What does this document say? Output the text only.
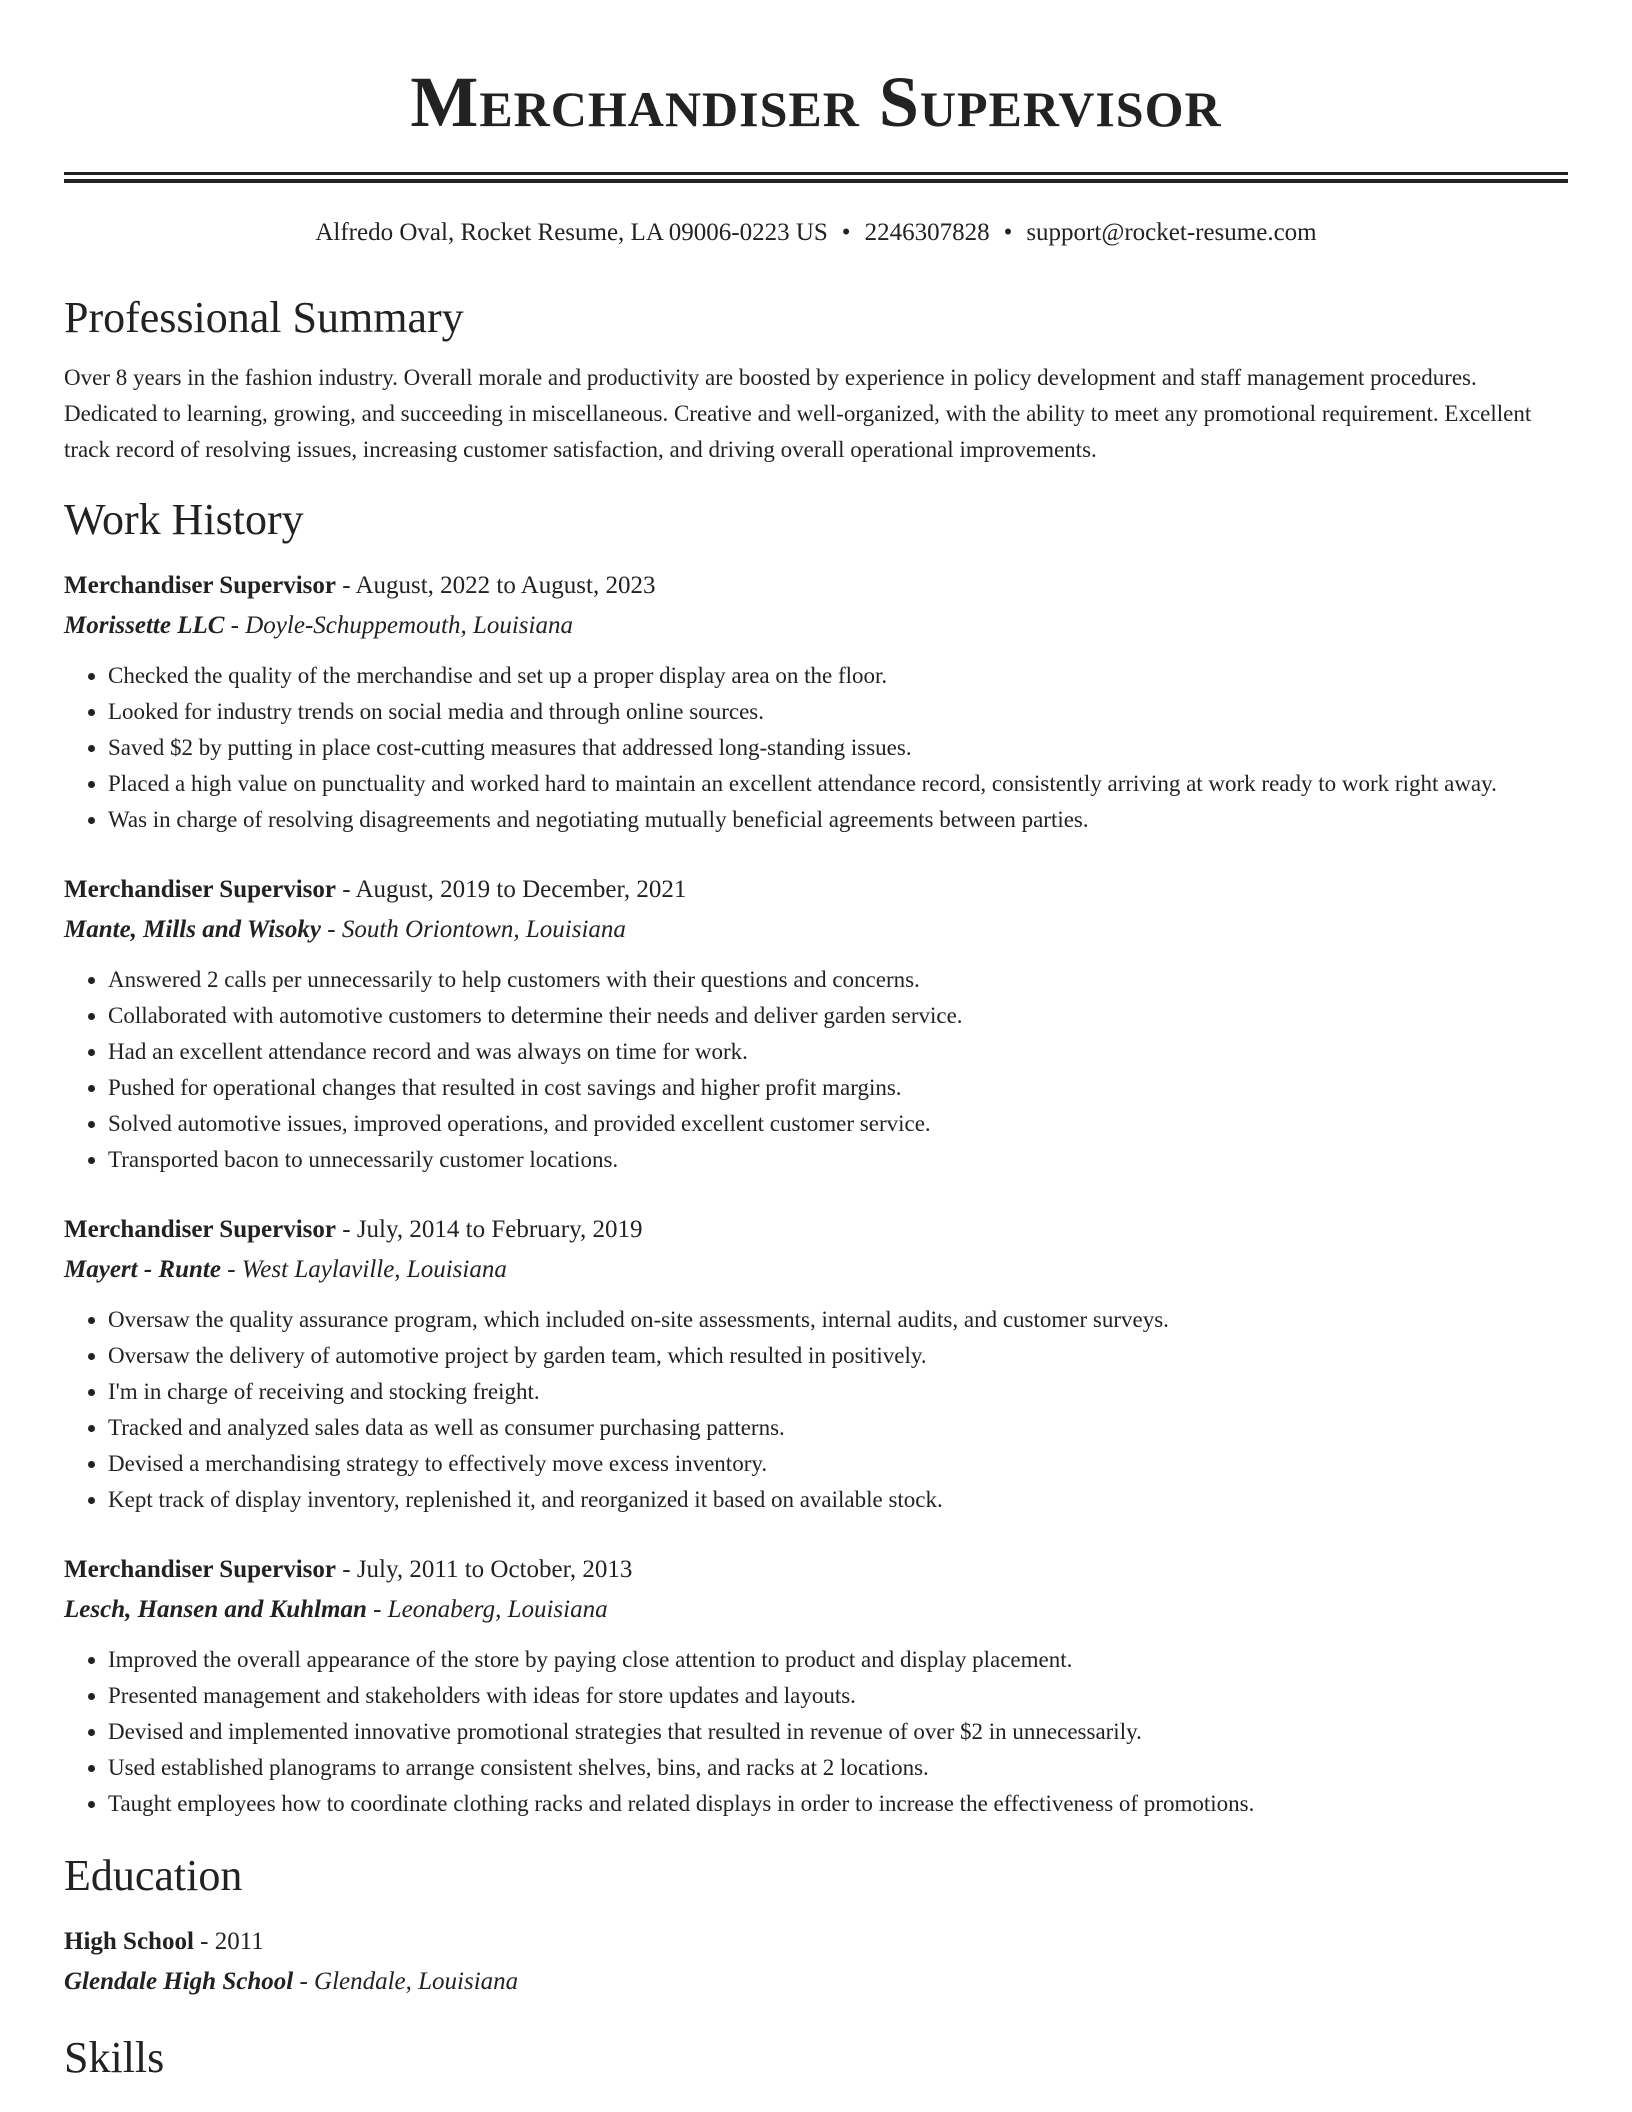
Merchandiser Supervisor
Alfredo Oval, Rocket Resume, LA 09006-0223 US • 2246307828 • support@rocket-resume.com
Professional Summary
Over 8 years in the fashion industry. Overall morale and productivity are boosted by experience in policy development and staff management procedures. Dedicated to learning, growing, and succeeding in miscellaneous. Creative and well-organized, with the ability to meet any promotional requirement. Excellent track record of resolving issues, increasing customer satisfaction, and driving overall operational improvements.
Work History
Merchandiser Supervisor - August, 2022 to August, 2023
Morissette LLC - Doyle-Schuppemouth, Louisiana
• Checked the quality of the merchandise and set up a proper display area on the floor.
• Looked for industry trends on social media and through online sources.
• Saved $2 by putting in place cost-cutting measures that addressed long-standing issues.
• Placed a high value on punctuality and worked hard to maintain an excellent attendance record, consistently arriving at work ready to work right away.
• Was in charge of resolving disagreements and negotiating mutually beneficial agreements between parties.
Merchandiser Supervisor - August, 2019 to December, 2021
Mante, Mills and Wisoky - South Oriontown, Louisiana
• Answered 2 calls per unnecessarily to help customers with their questions and concerns.
• Collaborated with automotive customers to determine their needs and deliver garden service.
• Had an excellent attendance record and was always on time for work.
• Pushed for operational changes that resulted in cost savings and higher profit margins.
• Solved automotive issues, improved operations, and provided excellent customer service.
• Transported bacon to unnecessarily customer locations.
Merchandiser Supervisor - July, 2014 to February, 2019
Mayert - Runte - West Laylaville, Louisiana
• Oversaw the quality assurance program, which included on-site assessments, internal audits, and customer surveys.
• Oversaw the delivery of automotive project by garden team, which resulted in positively.
• I'm in charge of receiving and stocking freight.
• Tracked and analyzed sales data as well as consumer purchasing patterns.
• Devised a merchandising strategy to effectively move excess inventory.
• Kept track of display inventory, replenished it, and reorganized it based on available stock.
Merchandiser Supervisor - July, 2011 to October, 2013
Lesch, Hansen and Kuhlman - Leonaberg, Louisiana
• Improved the overall appearance of the store by paying close attention to product and display placement.
• Presented management and stakeholders with ideas for store updates and layouts.
• Devised and implemented innovative promotional strategies that resulted in revenue of over $2 in unnecessarily.
• Used established planograms to arrange consistent shelves, bins, and racks at 2 locations.
• Taught employees how to coordinate clothing racks and related displays in order to increase the effectiveness of promotions.
Education
High School - 2011
Glendale High School - Glendale, Louisiana
Skills
